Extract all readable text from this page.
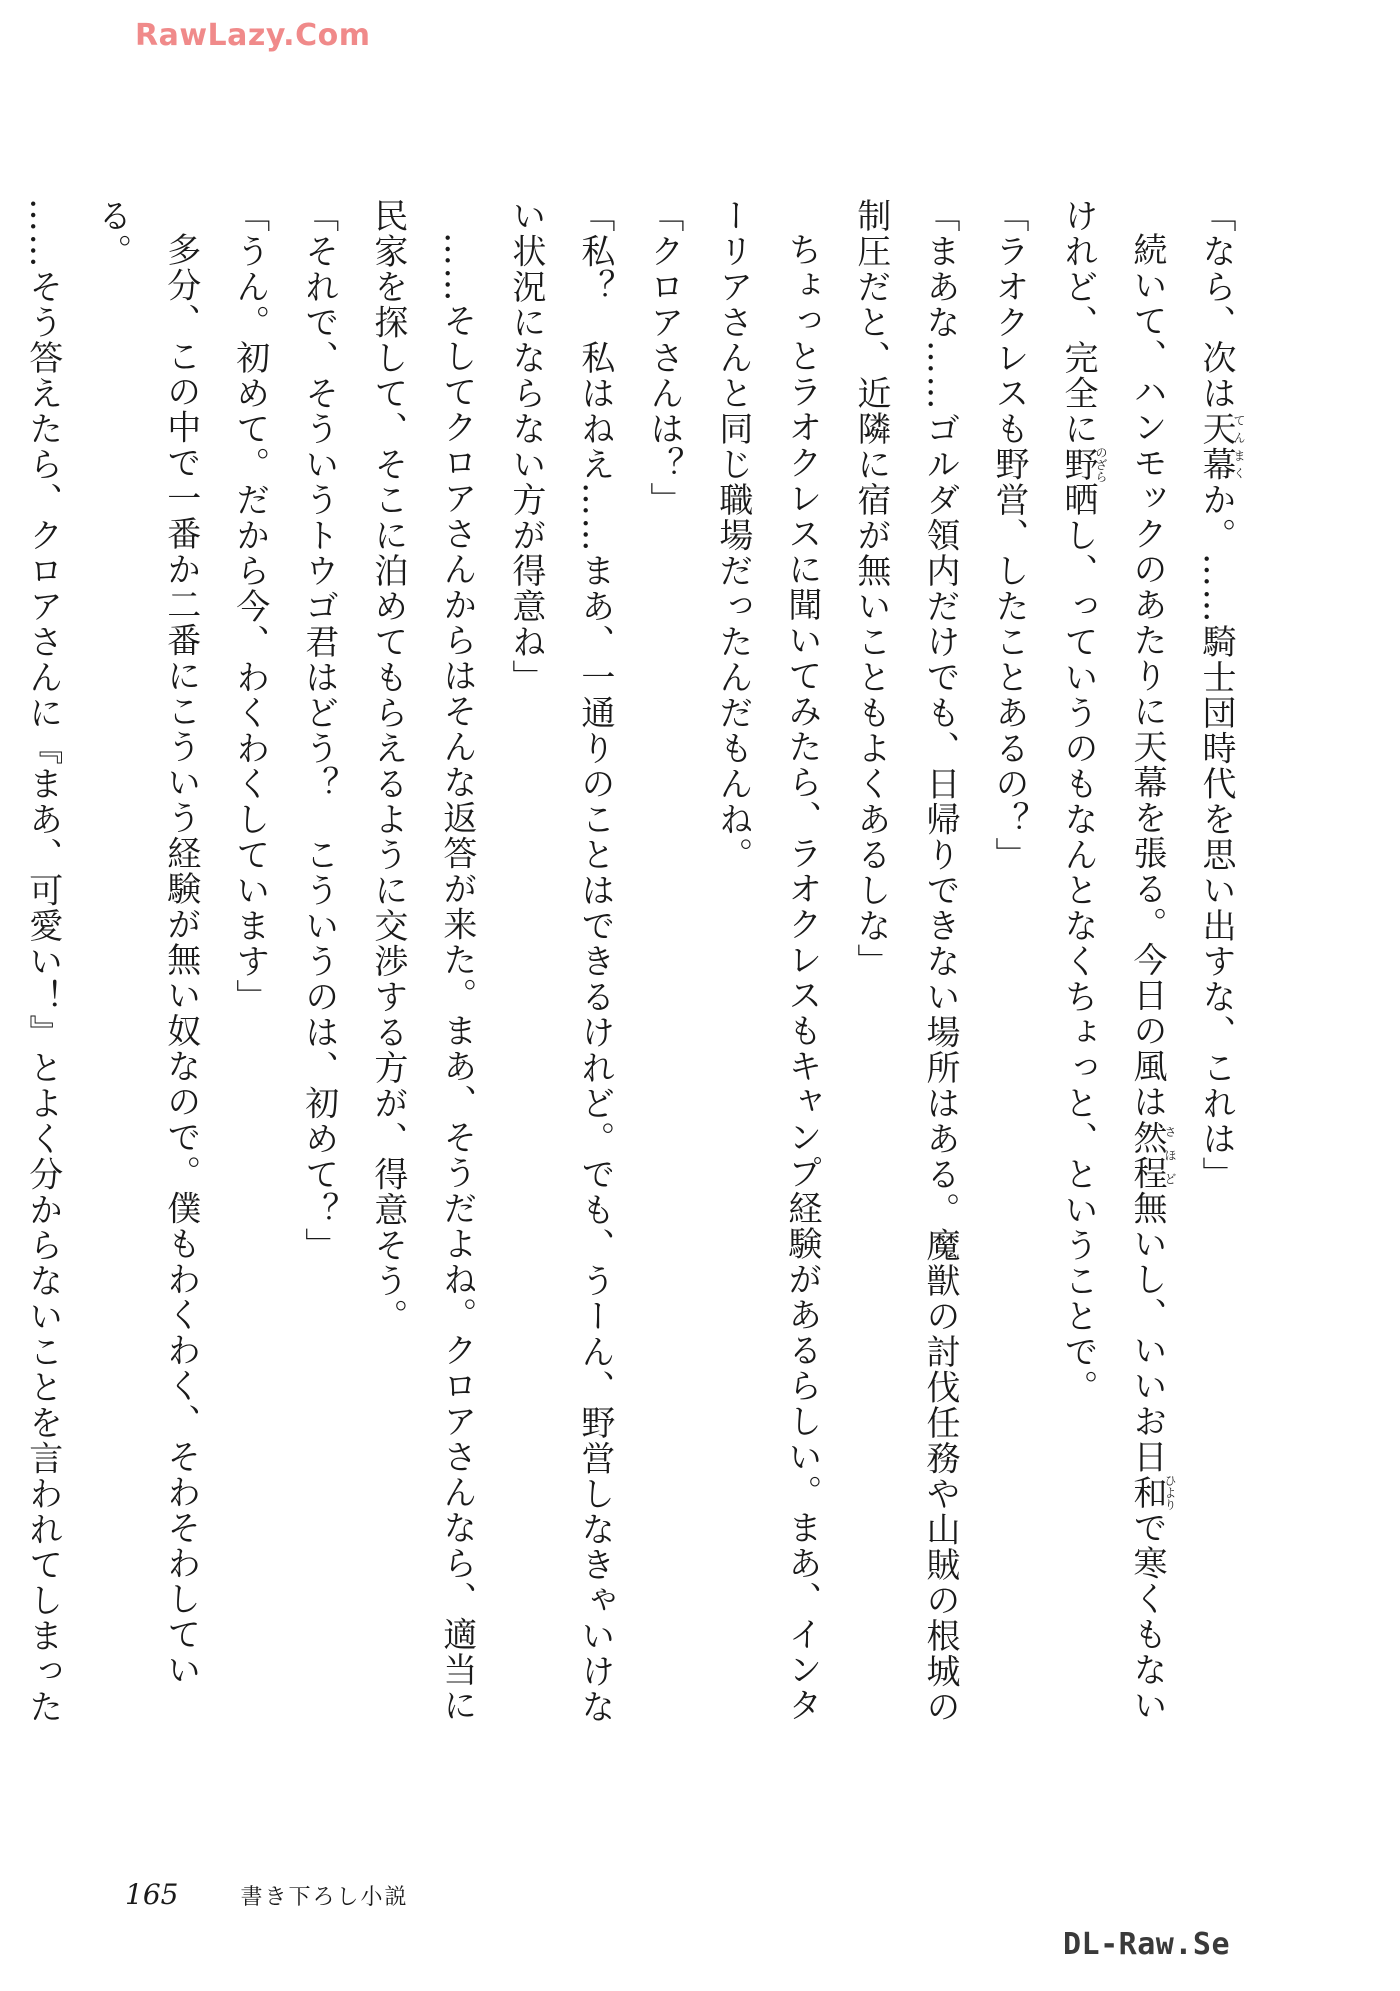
RawLazy.Com

「なら、次は天幕てんまくか。……騎士団時代を思い出すな、これは」

続いて、ハンモックのあたりに天幕を張る。今日の風は然程さほど無いし、いいお日和ひよりで寒くもないけれど、完全に野のざら晒し、っていうのもなんとなくちょっと、ということで。

「ラオクレスも野営、したことあるの？」

「まあな……ゴルダ領内だけでも、日帰りできない場所はある。魔獣の討伐任務や山賊の根城の制圧だと、近隣に宿が無いこともよくあるしな」

ちょっとラオクレスに聞いてみたら、ラオクレスもキャンプ経験があるらしい。まあ、インターリアさんと同じ職場だったんだもんね。

「クロアさんは？」

「私？　私はねえ……まあ、一通りのことはできるけれど。でも、うーん、野営しなきゃいけない状況にならない方が得意ね」

……そしてクロアさんからはそんな返答が来た。まあ、そうだよね。クロアさんなら、適当に民家を探して、そこに泊めてもらえるように交渉する方が、得意そう。

「それで、そういうトウゴ君はどう？　こういうのは、初めて？」

「うん。初めて。だから今、わくわくしています」

多分、この中で一番か二番にこういう経験が無い奴なので。僕もわくわく、そわそわしている。

……そう答えたら、クロアさんに『まあ、可愛い！』とよく分からないことを言われてしまった

165	書き下ろし小説
DL-Raw.Se
